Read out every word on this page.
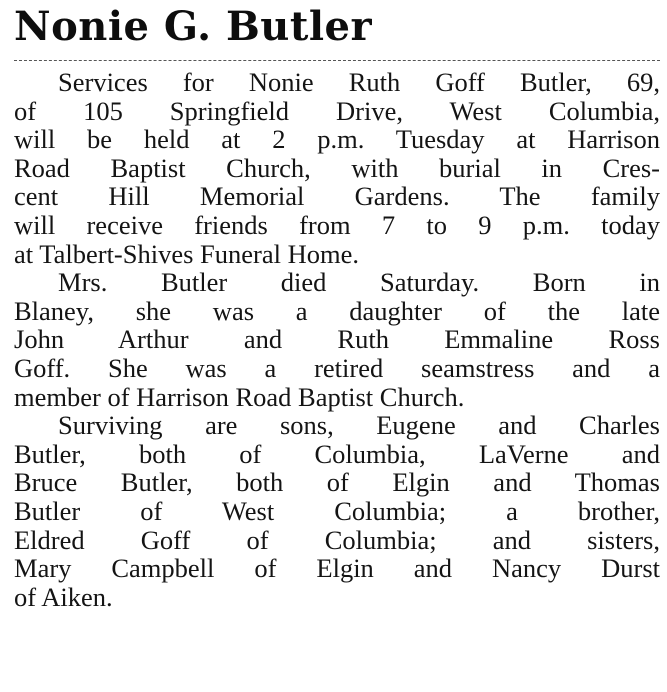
Nonie G. Butler
Services for Nonie Ruth Goff Butler, 69,
of 105 Springfield Drive, West Columbia,
will be held at 2 p.m. Tuesday at Harrison
Road Baptist Church, with burial in Cres-
cent Hill Memorial Gardens. The family
will receive friends from 7 to 9 p.m. today
at Talbert-Shives Funeral Home.
Mrs. Butler died Saturday. Born in
Blaney, she was a daughter of the late
John Arthur and Ruth Emmaline Ross
Goff. She was a retired seamstress and a
member of Harrison Road Baptist Church.
Surviving are sons, Eugene and Charles
Butler, both of Columbia, LaVerne and
Bruce Butler, both of Elgin and Thomas
Butler of West Columbia; a brother,
Eldred Goff of Columbia; and sisters,
Mary Campbell of Elgin and Nancy Durst
of Aiken.
